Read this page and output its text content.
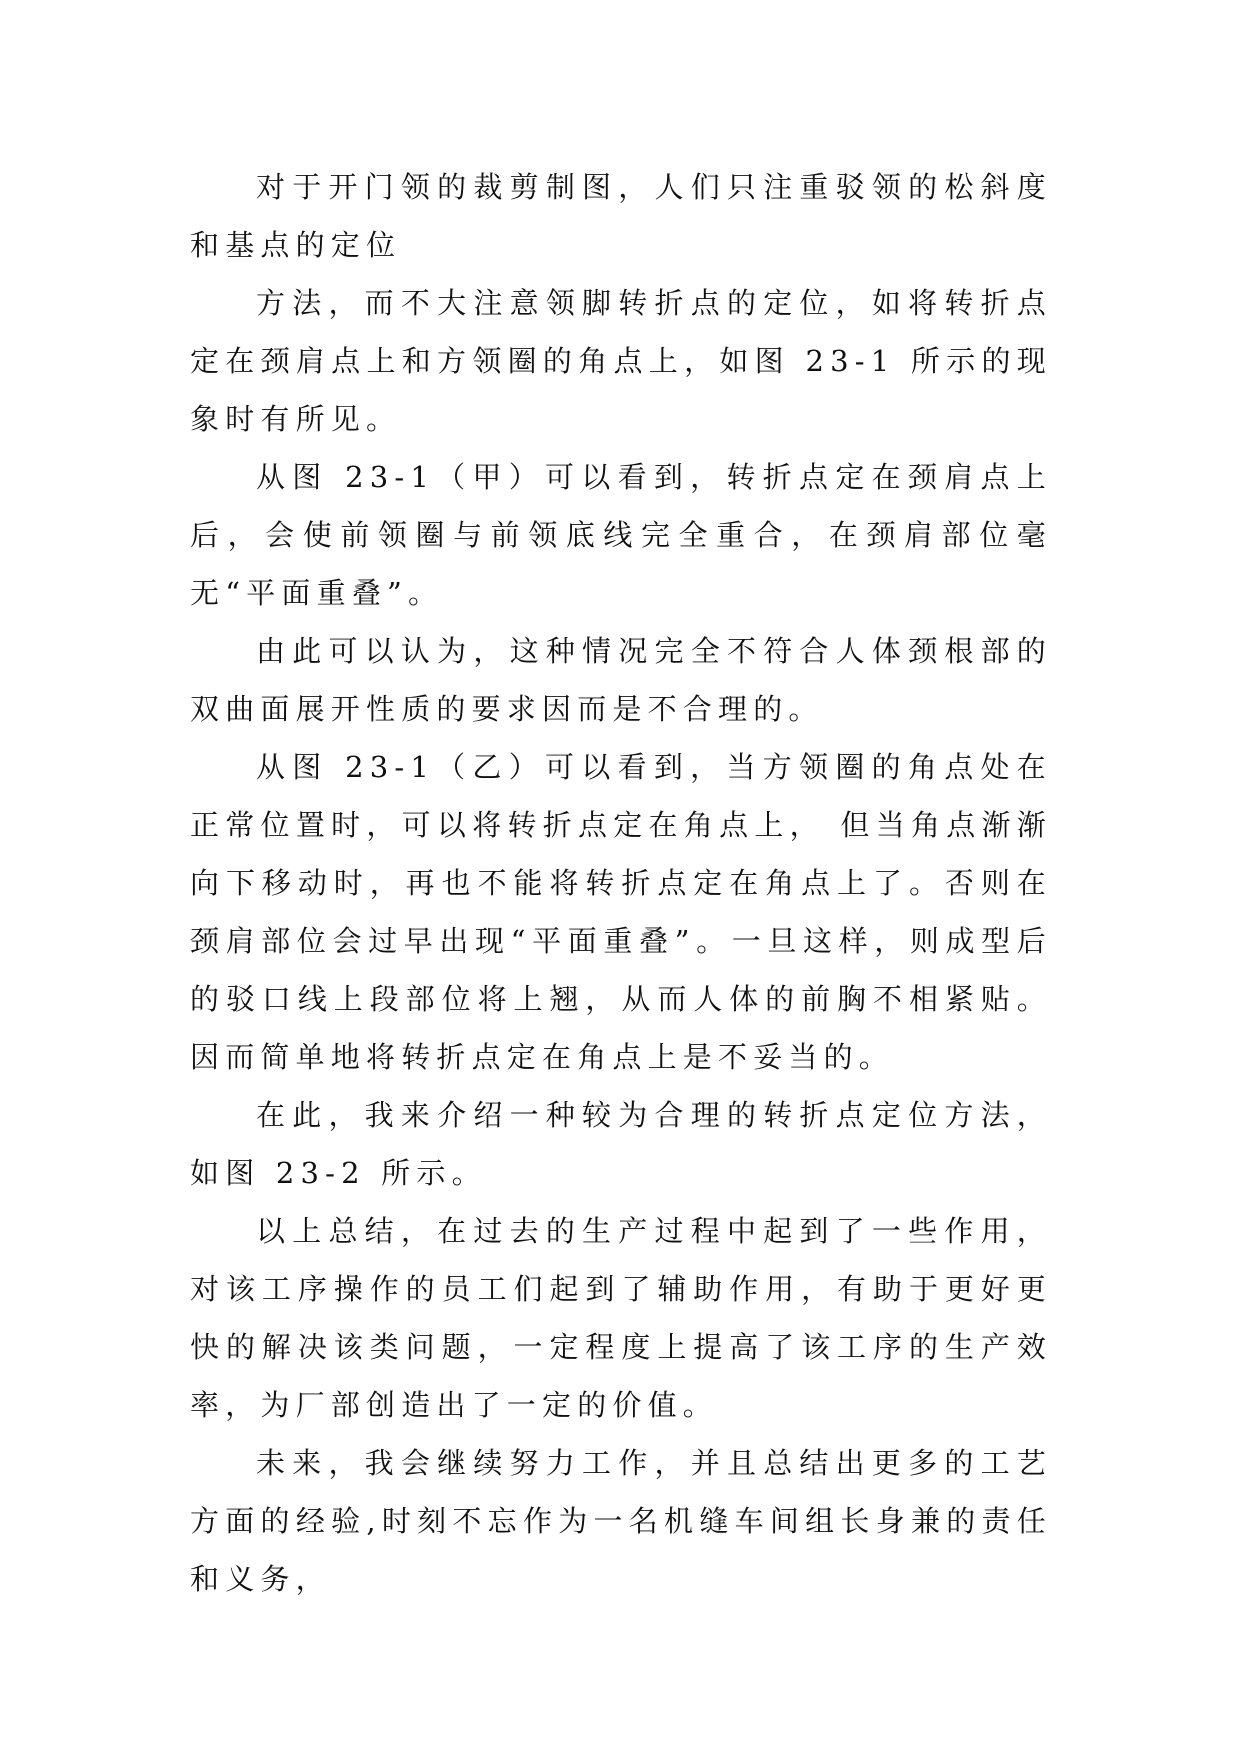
对于开门领的裁剪制图，人们只注重驳领的松斜度和基点的定位

方法，而不大注意领脚转折点的定位，如将转折点定在颈肩点上和方领圈的角点上，如图 23-1 所示的现象时有所见。

从图 23-1（甲）可以看到，转折点定在颈肩点上后，会使前领圈与前领底线完全重合，在颈肩部位毫无“平面重叠”。

由此可以认为，这种情况完全不符合人体颈根部的双曲面展开性质的要求因而是不合理的。

从图 23-1（乙）可以看到，当方领圈的角点处在正常位置时，可以将转折点定在角点上， 但当角点渐渐向下移动时，再也不能将转折点定在角点上了。否则在颈肩部位会过早出现“平面重叠”。一旦这样，则成型后的驳口线上段部位将上翘，从而人体的前胸不相紧贴。因而简单地将转折点定在角点上是不妥当的。

在此，我来介绍一种较为合理的转折点定位方法，如图 23-2 所示。

以上总结，在过去的生产过程中起到了一些作用，对该工序操作的员工们起到了辅助作用，有助于更好更快的解决该类问题，一定程度上提高了该工序的生产效率，为厂部创造出了一定的价值。

未来，我会继续努力工作，并且总结出更多的工艺方面的经验,时刻不忘作为一名机缝车间组长身兼的责任和义务，
